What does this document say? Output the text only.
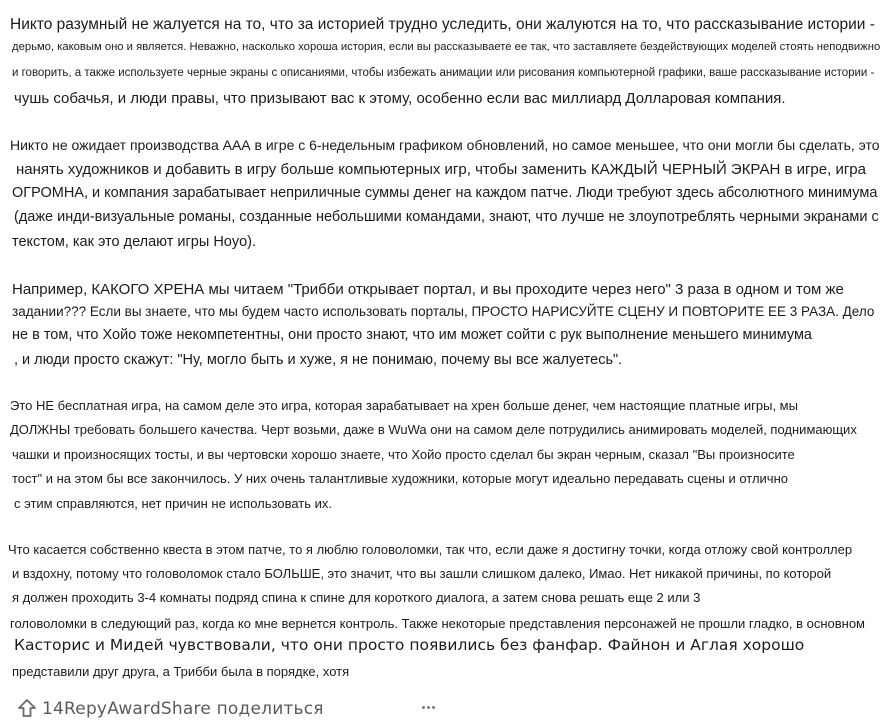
Никто разумный не жалуется на то, что за историей трудно уследить, они жалуются на то, что рассказывание истории -
дерьмо, каковым оно и является. Неважно, насколько хороша история, если вы рассказываете ее так, что заставляете бездействующих моделей стоять неподвижно
и говорить, а также используете черные экраны с описаниями, чтобы избежать анимации или рисования компьютерной графики, ваше рассказывание истории -
чушь собачья, и люди правы, что призывают вас к этому, особенно если вас миллиард Долларовая компания.
Никто не ожидает производства ААА в игре с 6-недельным графиком обновлений, но самое меньшее, что они могли бы сделать, это
нанять художников и добавить в игру больше компьютерных игр, чтобы заменить КАЖДЫЙ ЧЕРНЫЙ ЭКРАН в игре, игра
ОГРОМНА, и компания зарабатывает неприличные суммы денег на каждом патче. Люди требуют здесь абсолютного минимума
(даже инди-визуальные романы, созданные небольшими командами, знают, что лучше не злоупотреблять черными экранами с
текстом, как это делают игры Hoyo).
Например, КАКОГО ХРЕНА мы читаем "Трибби открывает портал, и вы проходите через него" 3 раза в одном и том же
задании??? Если вы знаете, что мы будем часто использовать порталы, ПРОСТО НАРИСУЙТЕ СЦЕНУ И ПОВТОРИТЕ ЕЕ 3 РАЗА. Дело
не в том, что Хойо тоже некомпетентны, они просто знают, что им может сойти с рук выполнение меньшего минимума
, и люди просто скажут: "Ну, могло быть и хуже, я не понимаю, почему вы все жалуетесь".
Это НЕ бесплатная игра, на самом деле это игра, которая зарабатывает на хрен больше денег, чем настоящие платные игры, мы
ДОЛЖНЫ требовать большего качества. Черт возьми, даже в WuWa они на самом деле потрудились анимировать моделей, поднимающих
чашки и произносящих тосты, и вы чертовски хорошо знаете, что Хойо просто сделал бы экран черным, сказал "Вы произносите
тост" и на этом бы все закончилось. У них очень талантливые художники, которые могут идеально передавать сцены и отлично
с этим справляются, нет причин не использовать их.
Что касается собственно квеста в этом патче, то я люблю головоломки, так что, если даже я достигну точки, когда отложу свой контроллер
и вздохну, потому что головоломок стало БОЛЬШЕ, это значит, что вы зашли слишком далеко, Имао. Нет никакой причины, по которой
я должен проходить 3-4 комнаты подряд спина к спине для короткого диалога, а затем снова решать еще 2 или 3
головоломки в следующий раз, когда ко мне вернется контроль. Также некоторые представления персонажей не прошли гладко, в основном
Касторис и Мидей чувствовали, что они просто появились без фанфар. Файнон и Аглая хорошо
представили друг друга, а Трибби была в порядке, хотя
14RepyAwardShare поделиться
